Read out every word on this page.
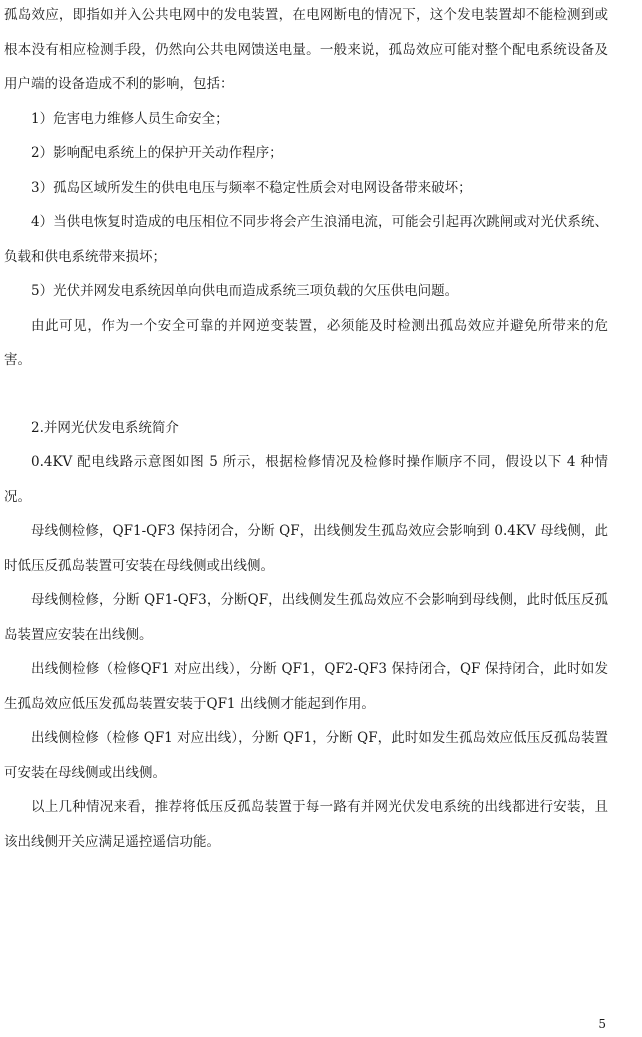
孤岛效应，即指如并入公共电网中的发电装置，在电网断电的情况下，这个发电装置却不能检测到或根本没有相应检测手段，仍然向公共电网馈送电量。一般来说，孤岛效应可能对整个配电系统设备及用户端的设备造成不利的影响，包括：

1）危害电力维修人员生命安全；

2）影响配电系统上的保护开关动作程序；

3）孤岛区域所发生的供电电压与频率不稳定性质会对电网设备带来破坏；

4）当供电恢复时造成的电压相位不同步将会产生浪涌电流，可能会引起再次跳闸或对光伏系统、负载和供电系统带来损坏；

5）光伏并网发电系统因单向供电而造成系统三项负载的欠压供电问题。

由此可见，作为一个安全可靠的并网逆变装置，必须能及时检测出孤岛效应并避免所带来的危害。

2.并网光伏发电系统简介

0.4KV 配电线路示意图如图 5 所示，根据检修情况及检修时操作顺序不同，假设以下 4 种情况。

母线侧检修，QF1-QF3 保持闭合，分断 QF，出线侧发生孤岛效应会影响到 0.4KV 母线侧，此时低压反孤岛装置可安装在母线侧或出线侧。

母线侧检修，分断 QF1-QF3，分断QF，出线侧发生孤岛效应不会影响到母线侧，此时低压反孤岛装置应安装在出线侧。

出线侧检修（检修QF1 对应出线），分断 QF1，QF2-QF3 保持闭合，QF 保持闭合，此时如发生孤岛效应低压发孤岛装置安装于QF1 出线侧才能起到作用。

出线侧检修（检修 QF1 对应出线），分断 QF1，分断 QF，此时如发生孤岛效应低压反孤岛装置可安装在母线侧或出线侧。

以上几种情况来看，推荐将低压反孤岛装置于每一路有并网光伏发电系统的出线都进行安装，且该出线侧开关应满足遥控遥信功能。

5
